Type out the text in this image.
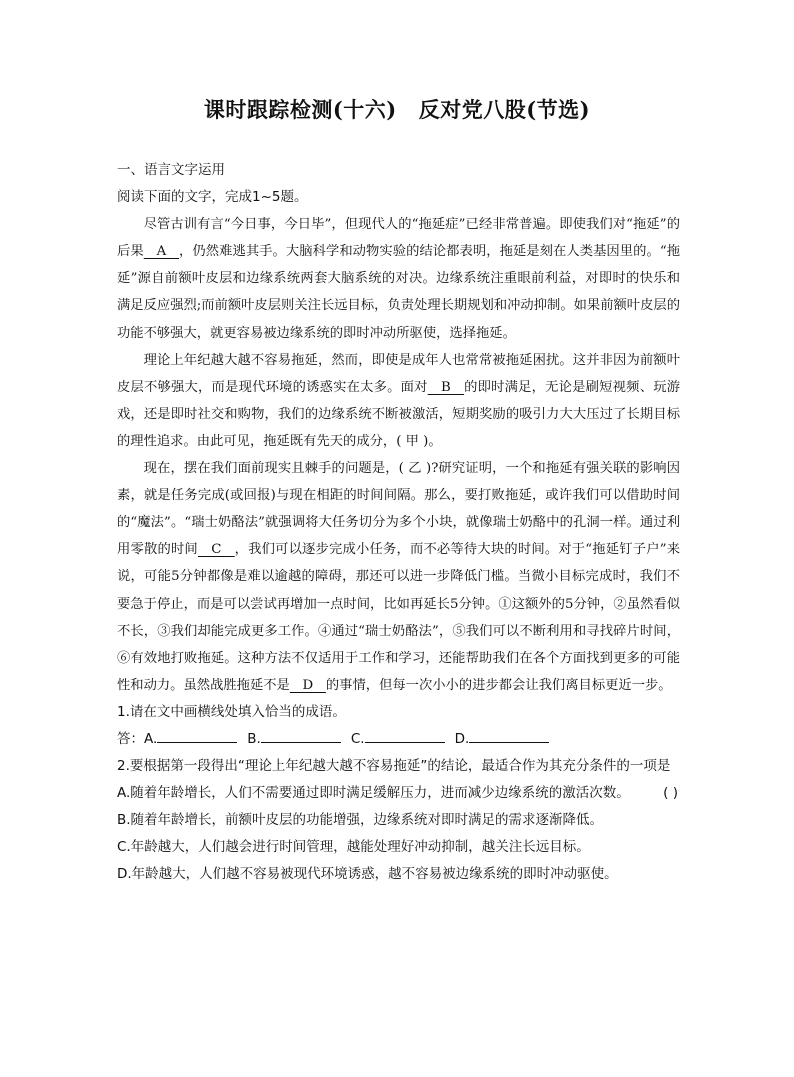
课时跟踪检测(十六) 反对党八股(节选)

一、语言文字运用

阅读下面的文字，完成1~5题。

尽管古训有言“今日事，今日毕”，但现代人的“拖延症”已经非常普遍。即使我们对“拖延”的后果   A   ，仍然难逃其手。大脑科学和动物实验的结论都表明，拖延是刻在人类基因里的。“拖延”源自前额叶皮层和边缘系统两套大脑系统的对决。边缘系统注重眼前利益，对即时的快乐和满足反应强烈;而前额叶皮层则关注长远目标，负责处理长期规划和冲动抑制。如果前额叶皮层的功能不够强大，就更容易被边缘系统的即时冲动所驱使，选择拖延。

理论上年纪越大越不容易拖延，然而，即使是成年人也常常被拖延困扰。这并非因为前额叶皮层不够强大，而是现代环境的诱惑实在太多。面对   B   的即时满足，无论是刷短视频、玩游戏，还是即时社交和购物，我们的边缘系统不断被激活，短期奖励的吸引力大大压过了长期目标的理性追求。由此可见，拖延既有先天的成分，( 甲 )。

现在，摆在我们面前现实且棘手的问题是，( 乙 )?研究证明，一个和拖延有强关联的影响因素，就是任务完成(或回报)与现在相距的时间间隔。那么，要打败拖延，或许我们可以借助时间的“魔法”。“瑞士奶酪法”就强调将大任务切分为多个小块，就像瑞士奶酪中的孔洞一样。通过利用零散的时间   C   ，我们可以逐步完成小任务，而不必等待大块的时间。对于“拖延钉子户”来说，可能5分钟都像是难以逾越的障碍，那还可以进一步降低门槛。当微小目标完成时，我们不要急于停止，而是可以尝试再增加一点时间，比如再延长5分钟。①这额外的5分钟，②虽然看似不长，③我们却能完成更多工作。④通过“瑞士奶酪法”，⑤我们可以不断利用和寻找碎片时间，⑥有效地打败拖延。这种方法不仅适用于工作和学习，还能帮助我们在各个方面找到更多的可能性和动力。虽然战胜拖延不是   D   的事情，但每一次小小的进步都会让我们离目标更近一步。

1.请在文中画横线处填入恰当的成语。

答： A.	B.	C.	D.

2.要根据第一段得出“理论上年纪越大越不容易拖延”的结论，最适合作为其充分条件的一项是
( )

A.随着年龄增长，人们不需要通过即时满足缓解压力，进而减少边缘系统的激活次数。

B.随着年龄增长，前额叶皮层的功能增强，边缘系统对即时满足的需求逐渐降低。

C.年龄越大，人们越会进行时间管理，越能处理好冲动抑制，越关注长远目标。

D.年龄越大，人们越不容易被现代环境诱惑，越不容易被边缘系统的即时冲动驱使。
